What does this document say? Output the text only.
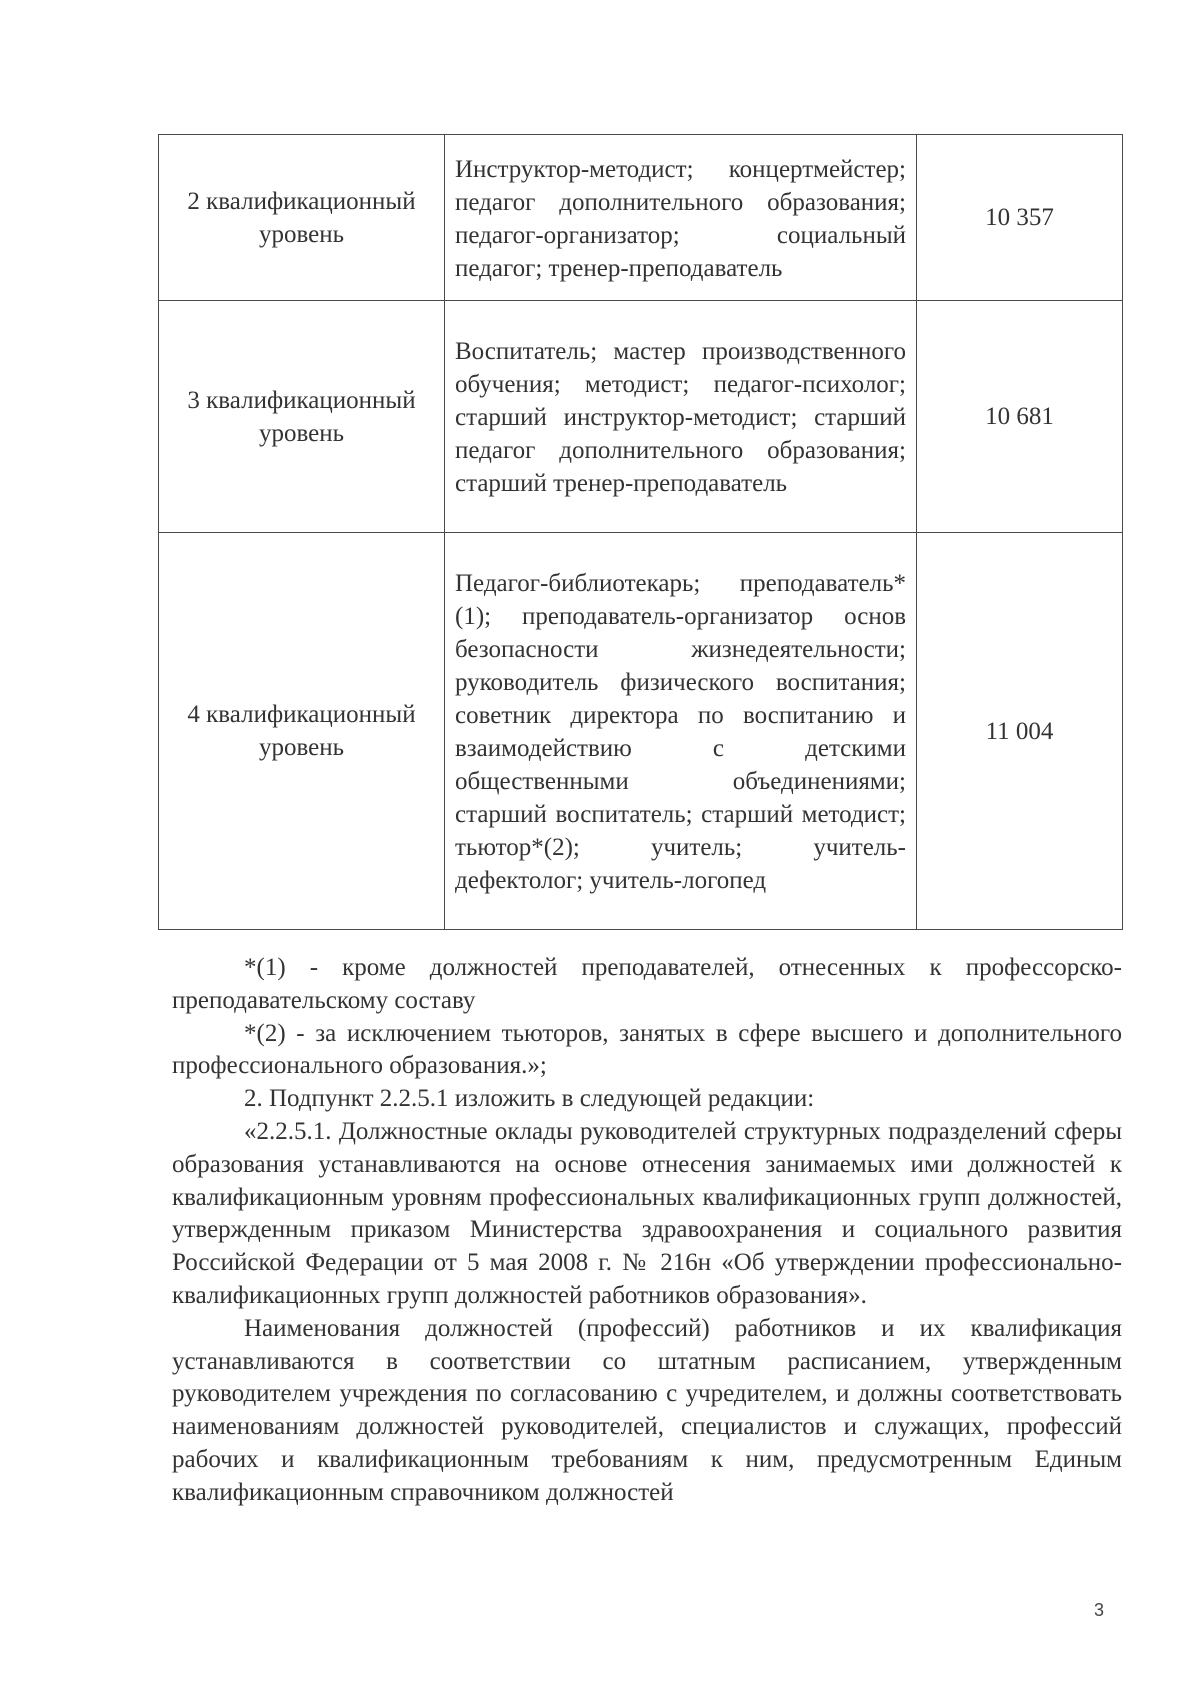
2 квалификационный уровень	Инструктор-методист; концертмейстер; педагог дополнительного образования; педагог-организатор; социальный педагог; тренер-преподаватель	10 357
3 квалификационный уровень	Воспитатель; мастер производственного обучения; методист; педагог-психолог; старший инструктор-методист; старший педагог дополнительного образования; старший тренер-преподаватель	10 681
4 квалификационный уровень	Педагог-библиотекарь; преподаватель*(1); преподаватель-организатор основ безопасности жизнедеятельности; руководитель физического воспитания; советник директора по воспитанию и взаимодействию с детскими общественными объединениями; старший воспитатель; старший методист; тьютор*(2); учитель; учитель- дефектолог; учитель-логопед	11 004

*(1) - кроме должностей преподавателей, отнесенных к профессорско-преподавательскому составу

*(2) - за исключением тьюторов, занятых в сфере высшего и дополнительного профессионального образования.»;

2. Подпункт 2.2.5.1 изложить в следующей редакции:

«2.2.5.1. Должностные оклады руководителей структурных подразделений сферы образования устанавливаются на основе отнесения занимаемых ими должностей к квалификационным уровням профессиональных квалификационных групп должностей, утвержденным приказом Министерства здравоохранения и социального развития Российской Федерации от 5 мая 2008 г. № 216н «Об утверждении профессионально-квалификационных групп должностей работников образования».

Наименования должностей (профессий) работников и их квалификация устанавливаются в соответствии со штатным расписанием, утвержденным руководителем учреждения по согласованию с учредителем, и должны соответствовать наименованиям должностей руководителей, специалистов и служащих, профессий рабочих и квалификационным требованиям к ним, предусмотренным Единым квалификационным справочником должностей

3
